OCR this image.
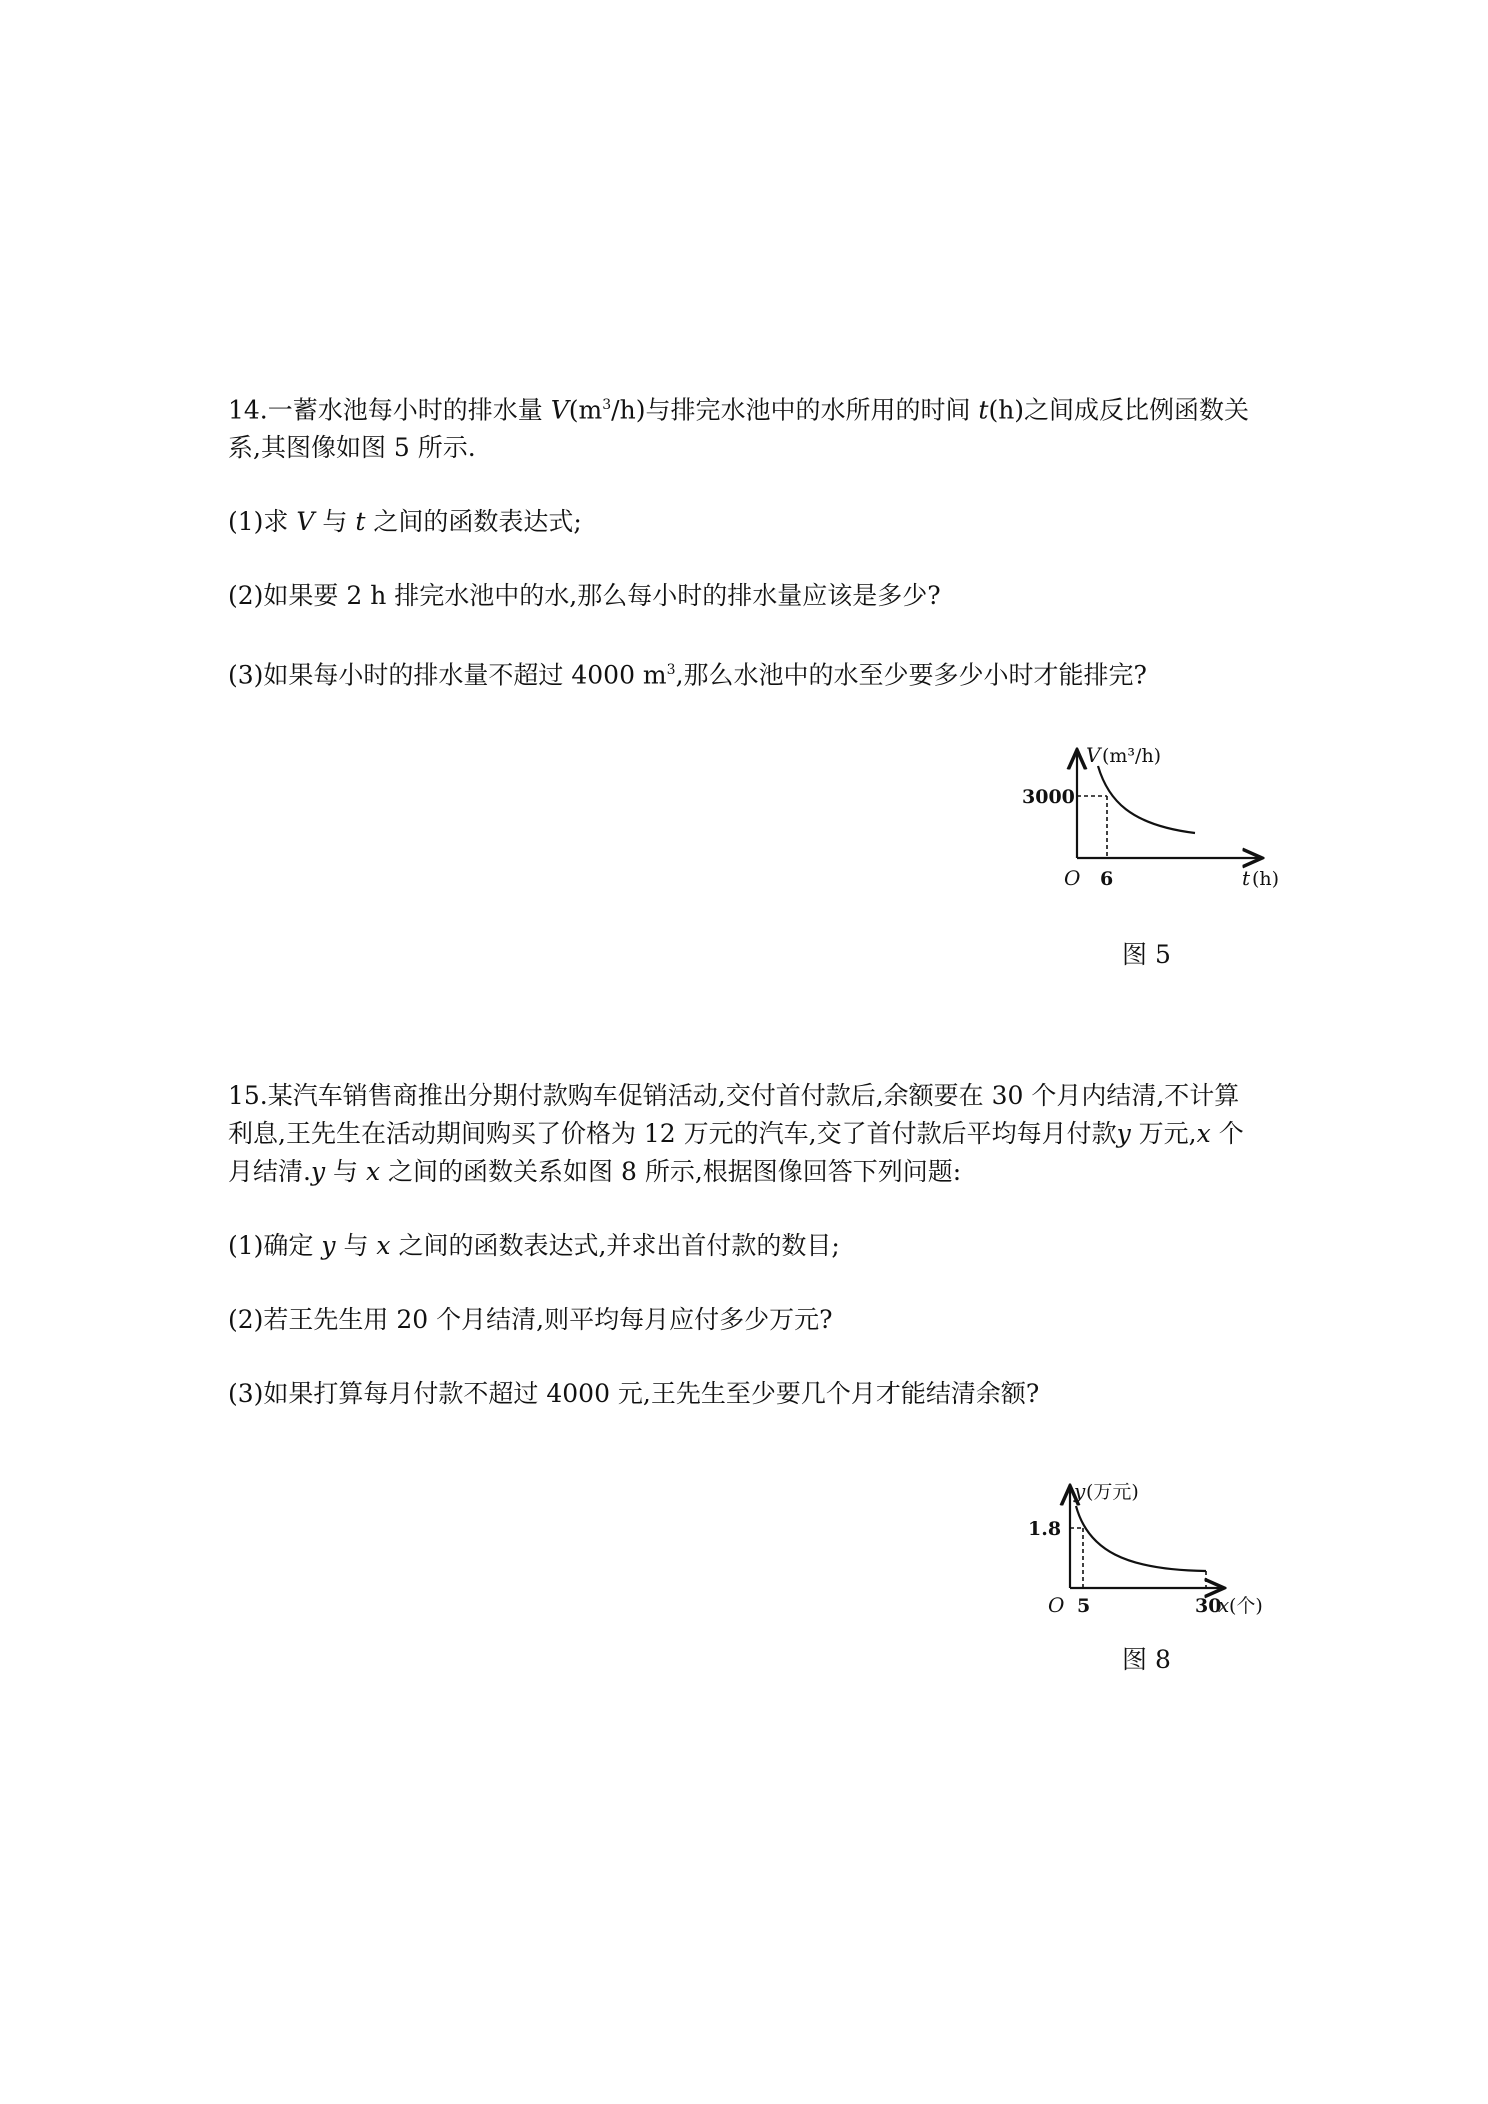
14.一蓄水池每小时的排水量 $V(m^3/h)$与排完水池中的水所用的时间 t(h)之间成反比例函数关

系,其图像如图 5 所示.

(1)求 V 与 t 之间的函数表达式;

(2)如果要 2 h 排完水池中的水,那么每小时的排水量应该是多少?

(3)如果每小时的排水量不超过 4000 $m^3$,那么水池中的水至少要多少小时才能排完?

V (m³/h)
3000
O 6	t (h)
图 5

15.某汽车销售商推出分期付款购车促销活动,交付首付款后,余额要在 30 个月内结清,不计算

利息,王先生在活动期间购买了价格为 12 万元的汽车,交了首付款后平均每月付款y 万元,x 个

月结清.y 与 x 之间的函数关系如图 8 所示,根据图像回答下列问题:

(1)确定 y 与 x 之间的函数表达式,并求出首付款的数目;

(2)若王先生用 20 个月结清,则平均每月应付多少万元?

(3)如果打算每月付款不超过 4000 元,王先生至少要几个月才能结清余额?

y (万元)
1.8
O 5	30
x (个)
图 8
